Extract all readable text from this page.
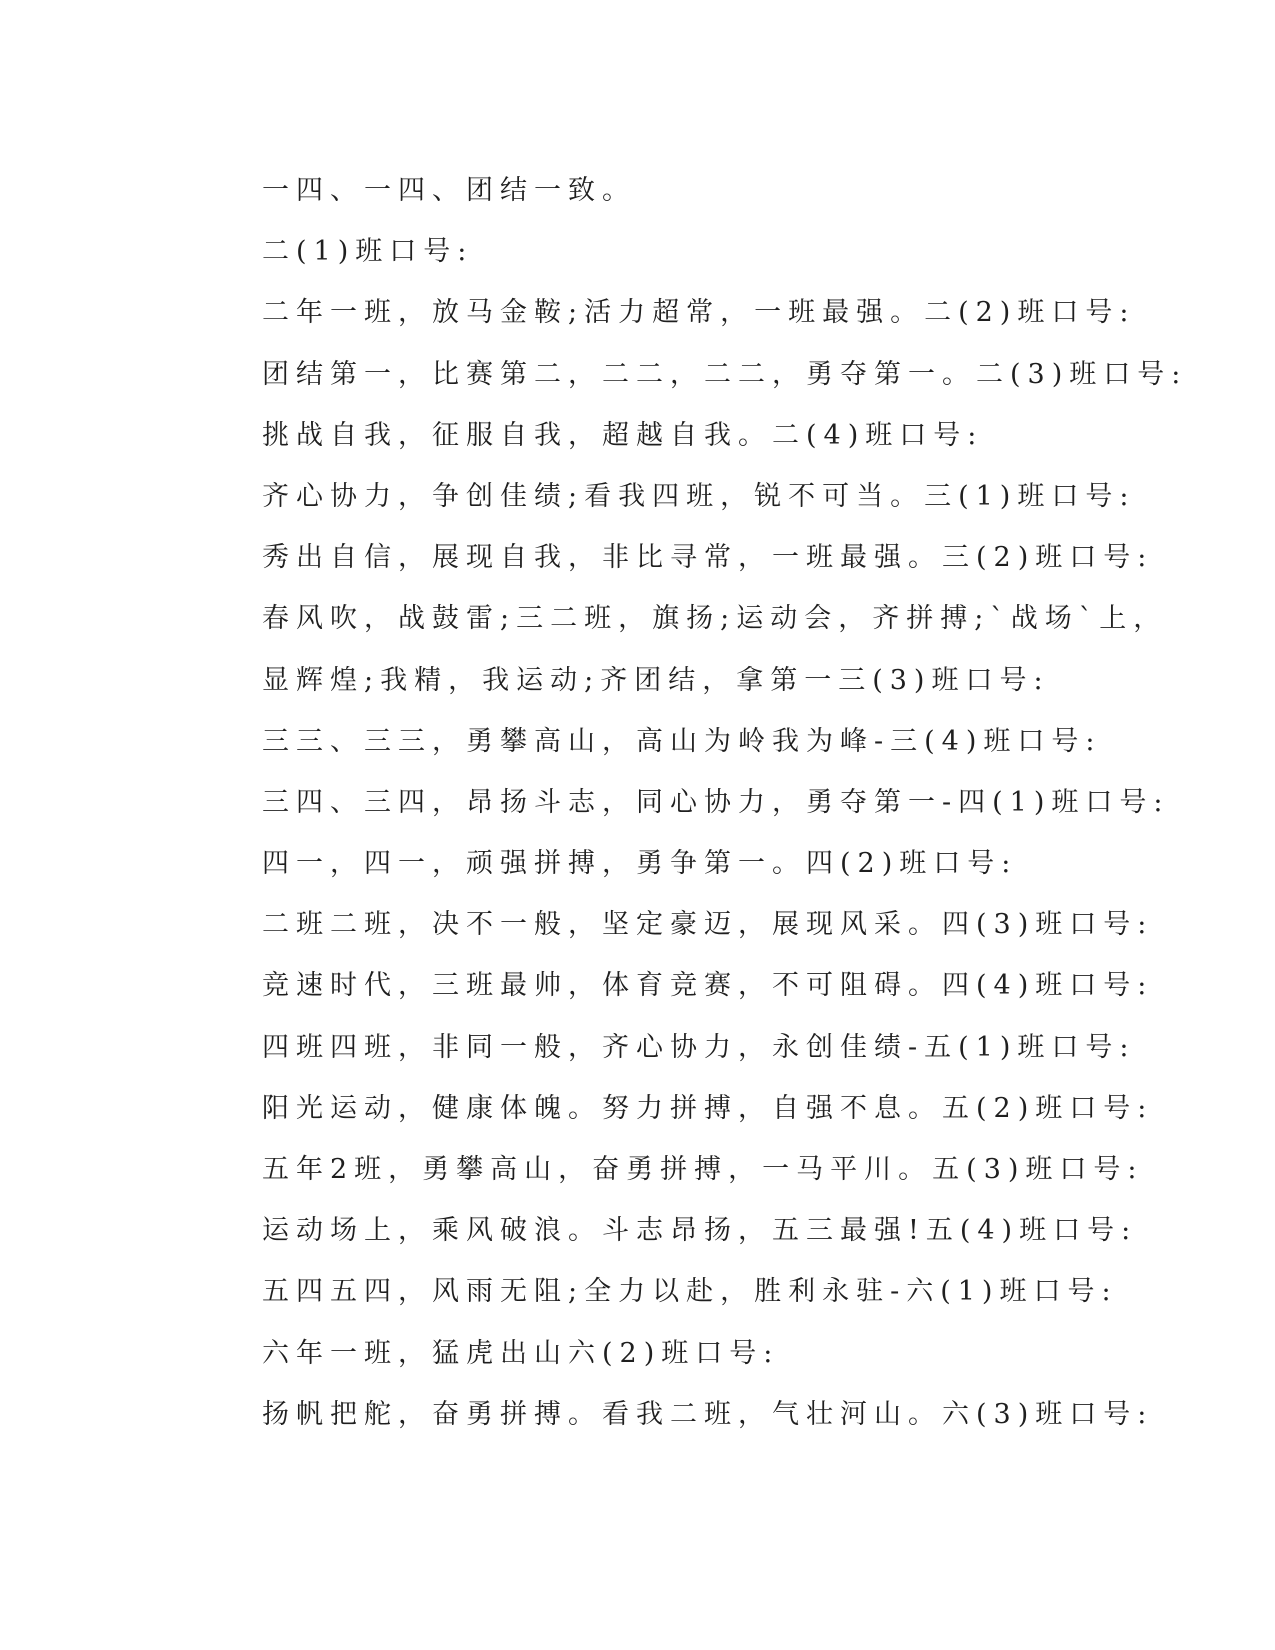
一四、一四、团结一致。
二(1)班口号:
二年一班，放马金鞍;活力超常，一班最强。二(2)班口号:
团结第一，比赛第二，二二，二二，勇夺第一。二(3)班口号:
挑战自我，征服自我，超越自我。二(4)班口号:
齐心协力，争创佳绩;看我四班，锐不可当。三(1)班口号:
秀出自信，展现自我，非比寻常，一班最强。三(2)班口号:
春风吹，战鼓雷;三二班，旗扬;运动会，齐拼搏;`战场`上，
显辉煌;我精，我运动;齐团结，拿第一三(3)班口号:
三三、三三，勇攀高山，高山为岭我为峰-三(4)班口号:
三四、三四，昂扬斗志，同心协力，勇夺第一-四(1)班口号:
四一，四一，顽强拼搏，勇争第一。四(2)班口号:
二班二班，决不一般，坚定豪迈，展现风采。四(3)班口号:
竞速时代，三班最帅，体育竞赛，不可阻碍。四(4)班口号:
四班四班，非同一般，齐心协力，永创佳绩-五(1)班口号:
阳光运动，健康体魄。努力拼搏，自强不息。五(2)班口号:
五年2班，勇攀高山，奋勇拼搏，一马平川。五(3)班口号:
运动场上，乘风破浪。斗志昂扬，五三最强!五(4)班口号:
五四五四，风雨无阻;全力以赴，胜利永驻-六(1)班口号:
六年一班，猛虎出山六(2)班口号:
扬帆把舵，奋勇拼搏。看我二班，气壮河山。六(3)班口号:
